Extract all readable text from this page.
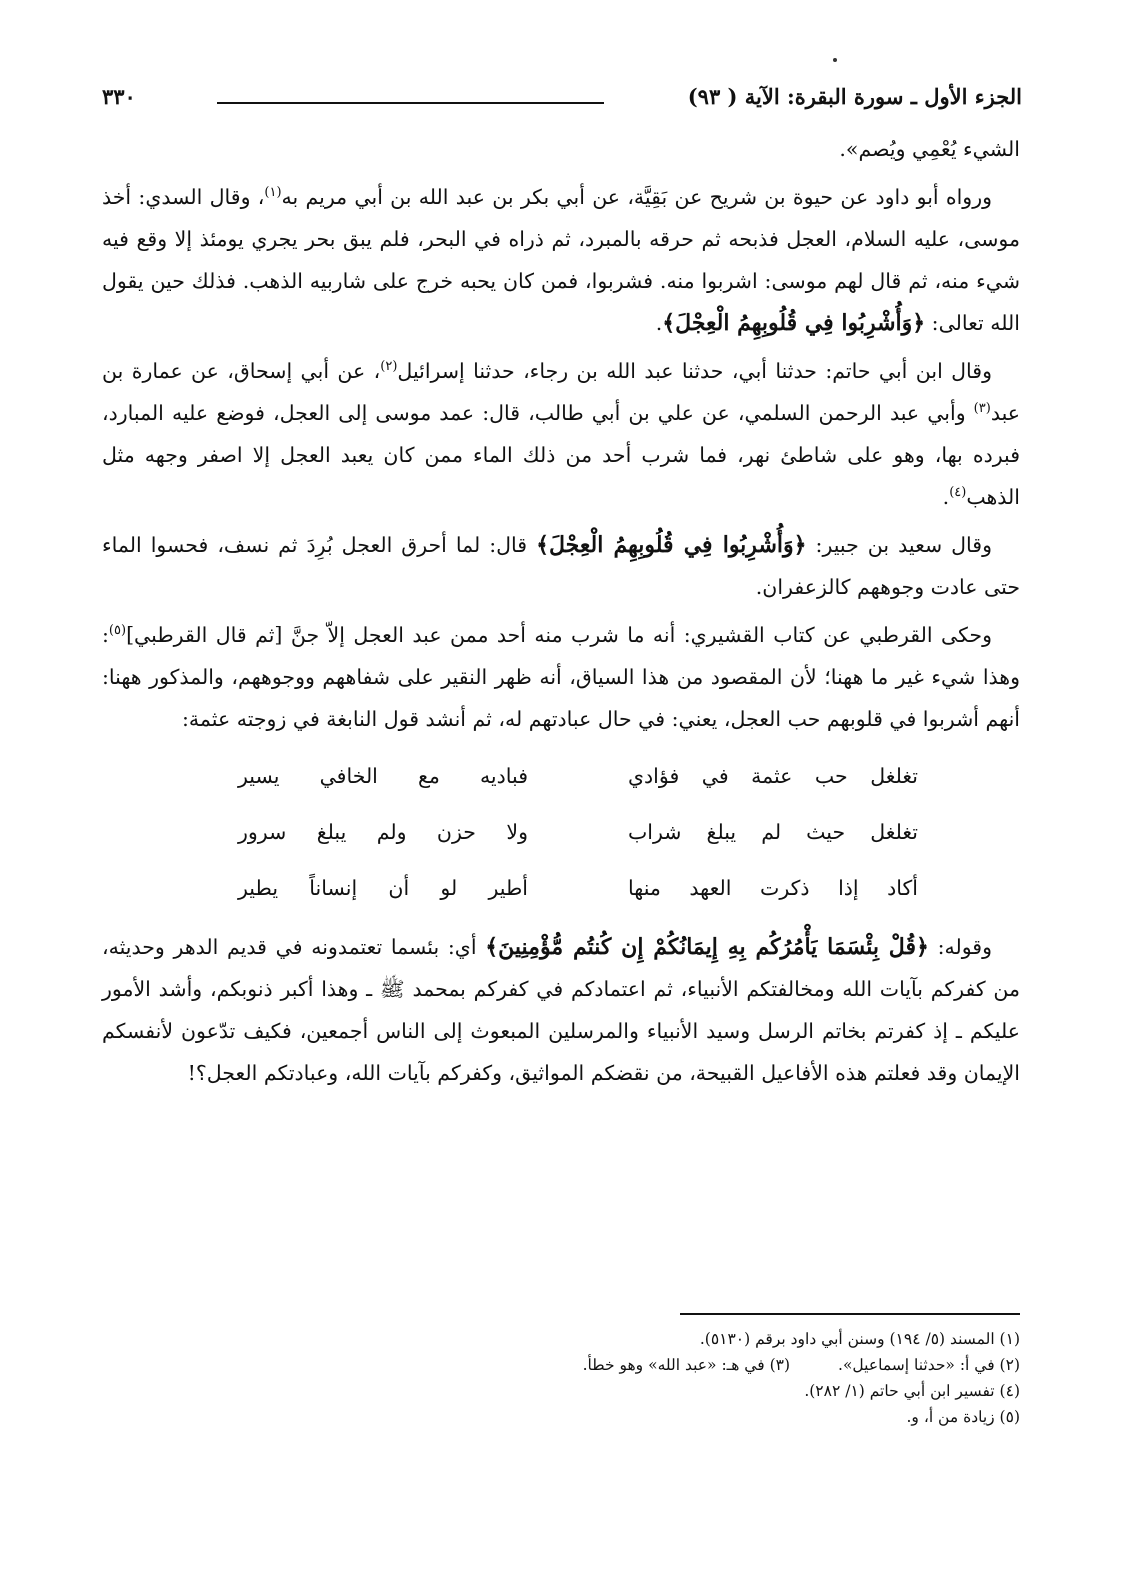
الجزء الأول ـ سورة البقرة: الآية ( ٩٣)
٣٣٠

الشيء يُعْمِي ويُصم».

ورواه أبو داود عن حيوة بن شريح عن بَقِيَّة، عن أبي بكر بن عبد الله بن أبي مريم به$^{(١)}$، وقال السدي: أخذ موسى، عليه السلام، العجل فذبحه ثم حرقه بالمبرد، ثم ذراه في البحر، فلم يبق بحر يجري يومئذ إلا وقع فيه شيء منه، ثم قال لهم موسى: اشربوا منه. فشربوا، فمن كان يحبه خرج على شاربيه الذهب. فذلك حين يقول الله تعالى: ﴿وَأُشْرِبُوا فِي قُلُوبِهِمُ الْعِجْلَ﴾.

وقال ابن أبي حاتم: حدثنا أبي، حدثنا عبد الله بن رجاء، حدثنا إسرائيل$^{(٢)}$، عن أبي إسحاق، عن عمارة بن عبد$^{(٣)}$ وأبي عبد الرحمن السلمي، عن علي بن أبي طالب، قال: عمد موسى إلى العجل، فوضع عليه المبارد، فبرده بها، وهو على شاطئ نهر، فما شرب أحد من ذلك الماء ممن كان يعبد العجل إلا اصفر وجهه مثل الذهب$^{(٤)}$.

وقال سعيد بن جبير: ﴿وَأُشْرِبُوا فِي قُلُوبِهِمُ الْعِجْلَ﴾ قال: لما أحرق العجل بُرِدَ ثم نسف، فحسوا الماء حتى عادت وجوههم كالزعفران.

وحكى القرطبي عن كتاب القشيري: أنه ما شرب منه أحد ممن عبد العجل إلاّ جنَّ [ثم قال القرطبي]$^{(٥)}$: وهذا شيء غير ما ههنا؛ لأن المقصود من هذا السياق، أنه ظهر النقير على شفاههم ووجوههم، والمذكور ههنا: أنهم أشربوا في قلوبهم حب العجل، يعني: في حال عبادتهم له، ثم أنشد قول النابغة في زوجته عثمة:

تغلغل حب عثمة في فؤادي
فباديه مع الخافي يسير
تغلغل حيث لم يبلغ شراب
ولا حزن ولم يبلغ سرور
أكاد إذا ذكرت العهد منها
أطير لو أن إنساناً يطير

وقوله: ﴿قُلْ بِئْسَمَا يَأْمُرُكُم بِهِ إِيمَانُكُمْ إِن كُنتُم مُّؤْمِنِينَ﴾ أي: بئسما تعتمدونه في قديم الدهر وحديثه، من كفركم بآيات الله ومخالفتكم الأنبياء، ثم اعتمادكم في كفركم بمحمد ﷺ ـ وهذا أكبر ذنوبكم، وأشد الأمور عليكم ـ إذ كفرتم بخاتم الرسل وسيد الأنبياء والمرسلين المبعوث إلى الناس أجمعين، فكيف تدّعون لأنفسكم الإيمان وقد فعلتم هذه الأفاعيل القبيحة، من نقضكم المواثيق، وكفركم بآيات الله، وعبادتكم العجل؟!

(١) المسند (٥/ ١٩٤) وسنن أبي داود برقم (٥١٣٠).

(٢) في أ: «حدثنا إسماعيل».

(٣) في هـ: «عبد الله» وهو خطأ.

(٤) تفسير ابن أبي حاتم (١/ ٢٨٢).

(٥) زيادة من أ، و.
